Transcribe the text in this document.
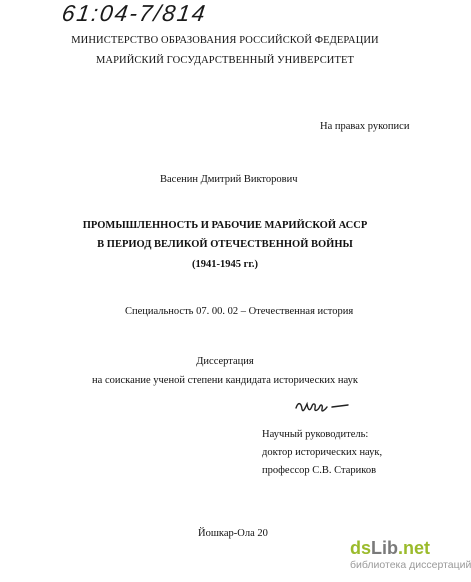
61:04-7/814
МИНИСТЕРСТВО ОБРАЗОВАНИЯ РОССИЙСКОЙ ФЕДЕРАЦИИ
МАРИЙСКИЙ ГОСУДАРСТВЕННЫЙ УНИВЕРСИТЕТ
На правах рукописи
Васенин Дмитрий Викторович
ПРОМЫШЛЕННОСТЬ И РАБОЧИЕ МАРИЙСКОЙ АССР
В ПЕРИОД ВЕЛИКОЙ ОТЕЧЕСТВЕННОЙ ВОЙНЫ
(1941-1945 гг.)
Специальность 07. 00. 02 – Отечественная история
Диссертация
на соискание ученой степени кандидата исторических наук
Научный руководитель:
доктор исторических наук,
профессор С.В. Стариков
Йошкар-Ола 20
dsLib.net
библиотека диссертаций
